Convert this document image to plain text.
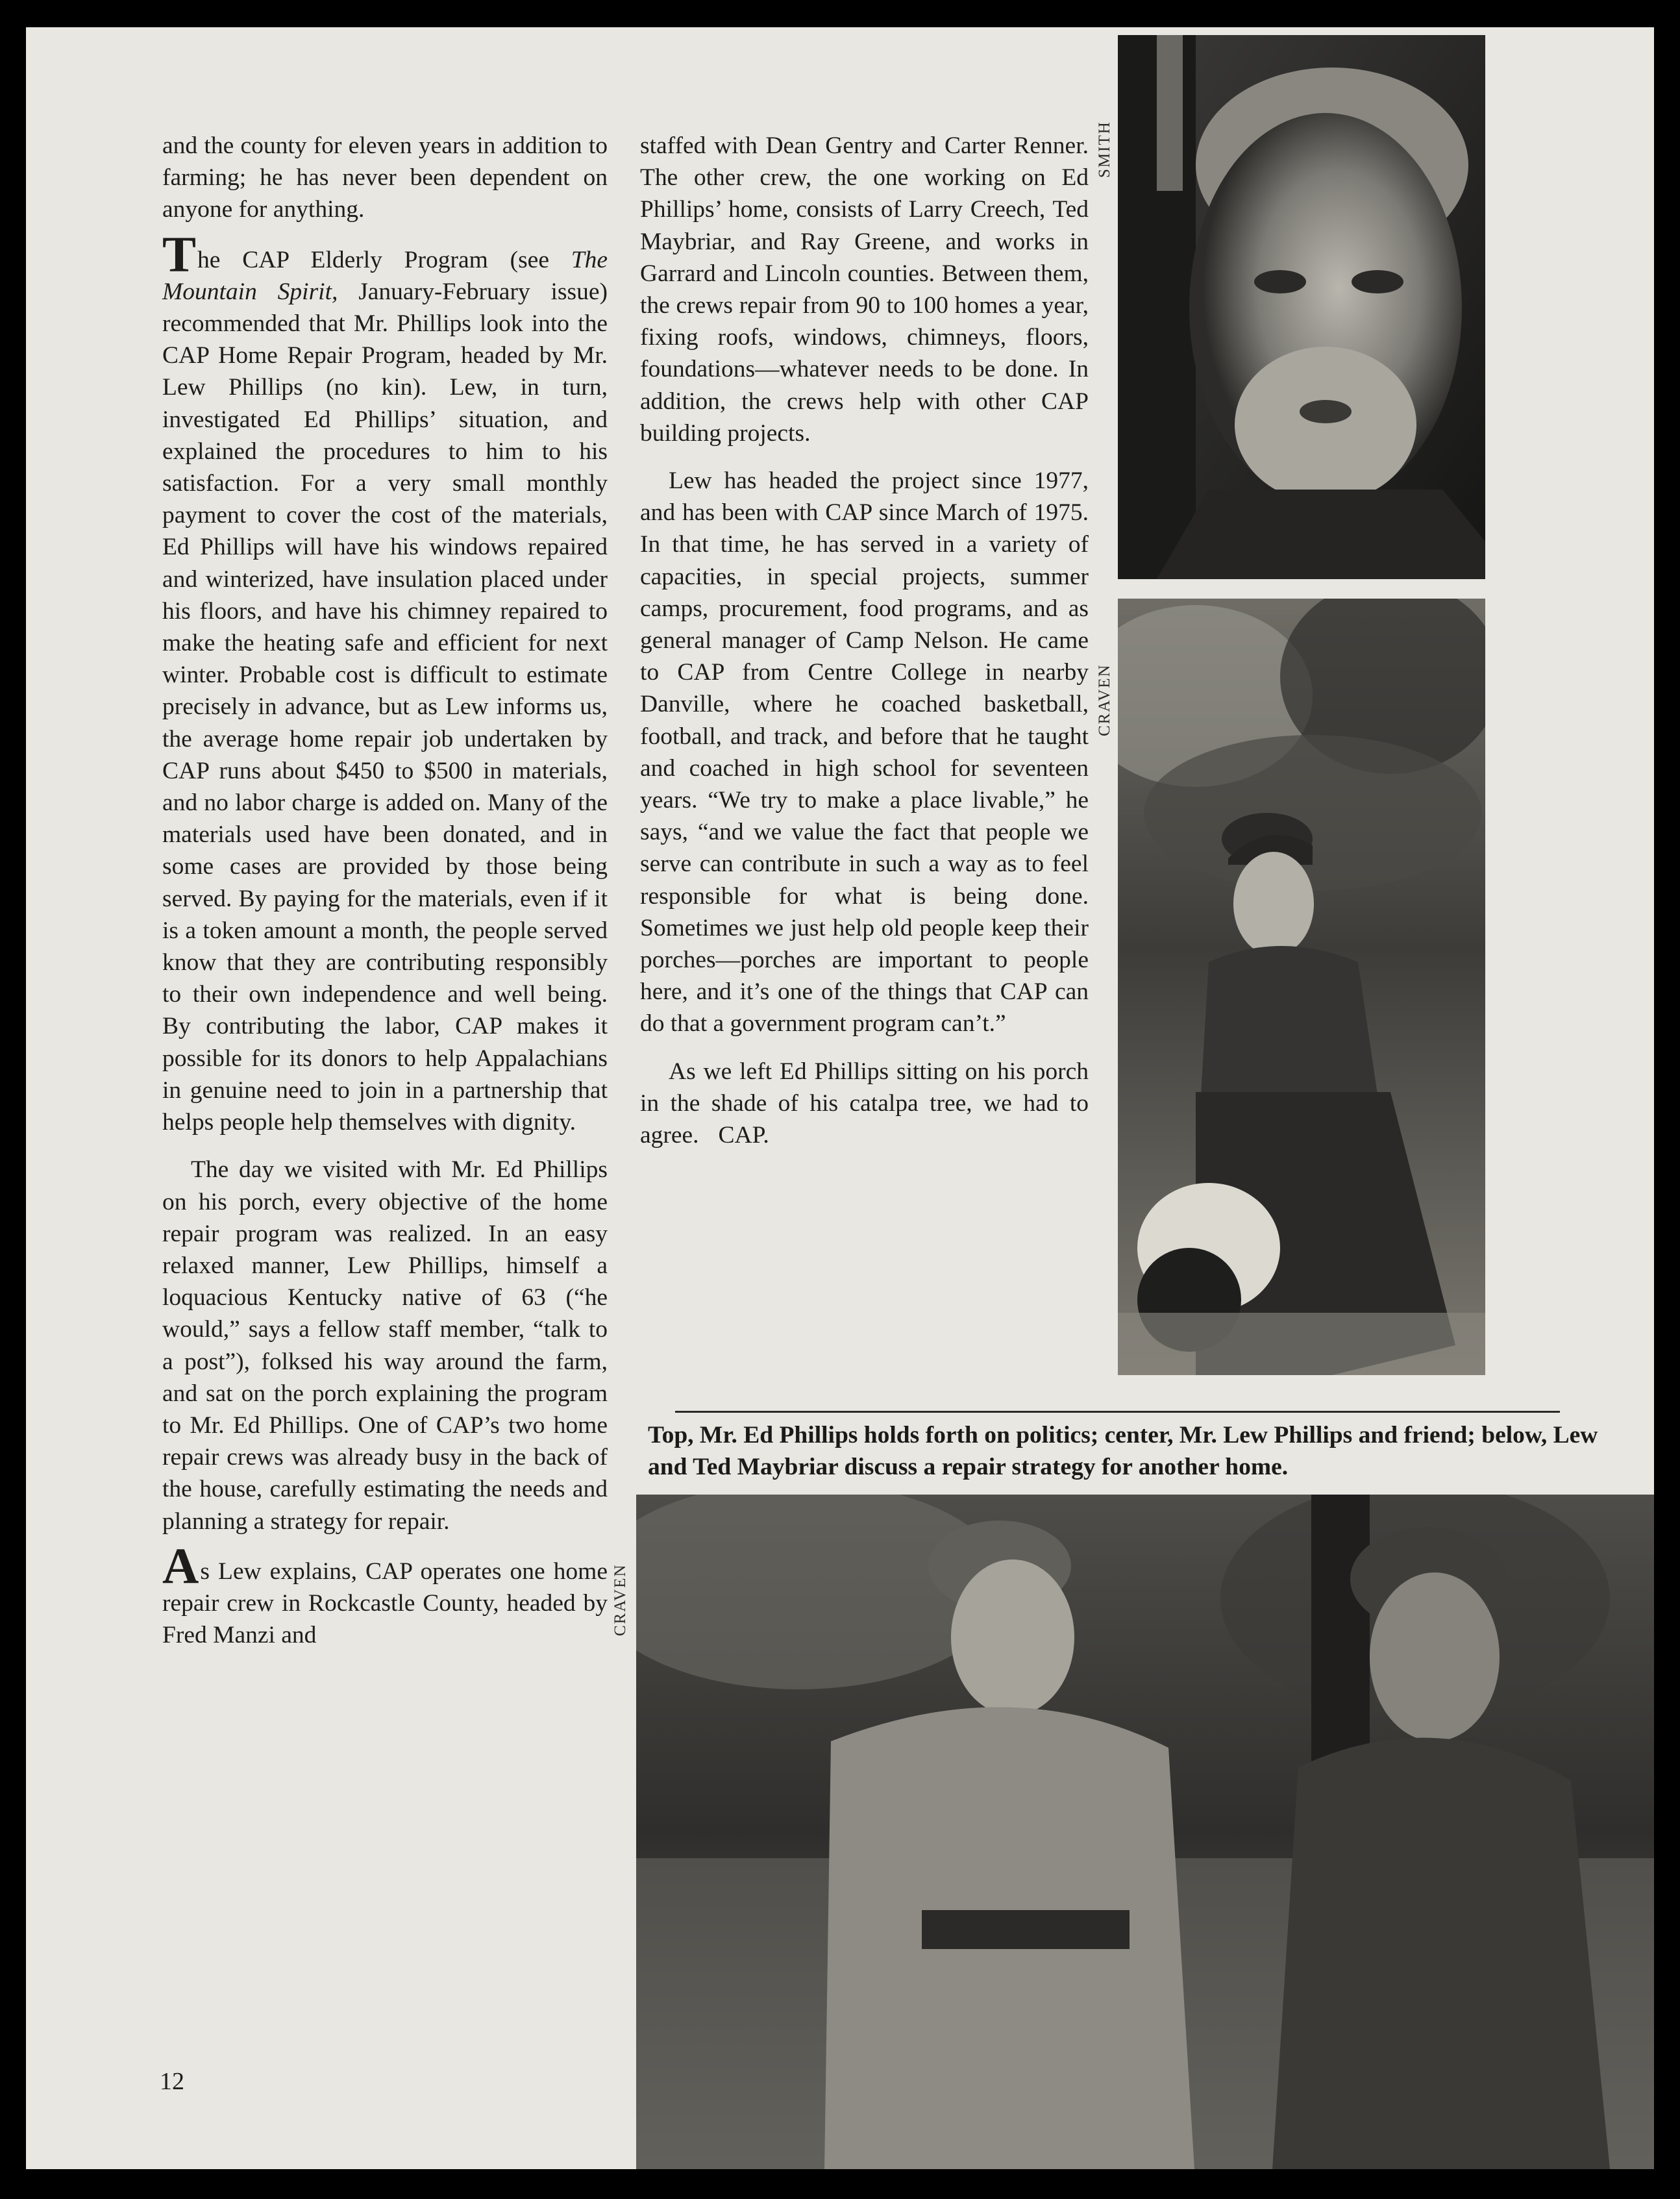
and the county for eleven years in addition to farming; he has never been dependent on anyone for anything.

The CAP Elderly Program (see The Mountain Spirit, January-February issue) recommended that Mr. Phillips look into the CAP Home Repair Program, headed by Mr. Lew Phillips (no kin). Lew, in turn, investigated Ed Phillips’ situation, and explained the procedures to him to his satisfaction. For a very small monthly payment to cover the cost of the materials, Ed Phillips will have his windows repaired and winterized, have insulation placed under his floors, and have his chimney repaired to make the heating safe and efficient for next winter. Probable cost is difficult to estimate precisely in advance, but as Lew informs us, the average home repair job undertaken by CAP runs about $450 to $500 in materials, and no labor charge is added on. Many of the materials used have been donated, and in some cases are provided by those being served. By paying for the materials, even if it is a token amount a month, the people served know that they are contributing responsibly to their own independence and well being. By contributing the labor, CAP makes it possible for its donors to help Appalachians in genuine need to join in a partnership that helps people help themselves with dignity.

The day we visited with Mr. Ed Phillips on his porch, every objective of the home repair program was realized. In an easy relaxed manner, Lew Phillips, himself a loquacious Kentucky native of 63 (“he would,” says a fellow staff member, “talk to a post”), folksed his way around the farm, and sat on the porch explaining the program to Mr. Ed Phillips. One of CAP’s two home repair crews was already busy in the back of the house, carefully estimating the needs and planning a strategy for repair.

As Lew explains, CAP operates one home repair crew in Rockcastle County, headed by Fred Manzi and

staffed with Dean Gentry and Carter Renner. The other crew, the one working on Ed Phillips’ home, consists of Larry Creech, Ted Maybriar, and Ray Greene, and works in Garrard and Lincoln counties. Between them, the crews repair from 90 to 100 homes a year, fixing roofs, windows, chimneys, floors, foundations—whatever needs to be done. In addition, the crews help with other CAP building projects.

Lew has headed the project since 1977, and has been with CAP since March of 1975. In that time, he has served in a variety of capacities, in special projects, summer camps, procurement, food programs, and as general manager of Camp Nelson. He came to CAP from Centre College in nearby Danville, where he coached basketball, football, and track, and before that he taught and coached in high school for seventeen years. “We try to make a place livable,” he says, “and we value the fact that people we serve can contribute in such a way as to feel responsible for what is being done. Sometimes we just help old people keep their porches—porches are important to people here, and it’s one of the things that CAP can do that a government program can’t.”

As we left Ed Phillips sitting on his porch in the shade of his catalpa tree, we had to agree. CAP.

SMITH
CRAVEN

Top, Mr. Ed Phillips holds forth on politics; center, Mr. Lew Phillips and friend; below, Lew and Ted Maybriar discuss a repair strategy for another home.

CRAVEN
12
